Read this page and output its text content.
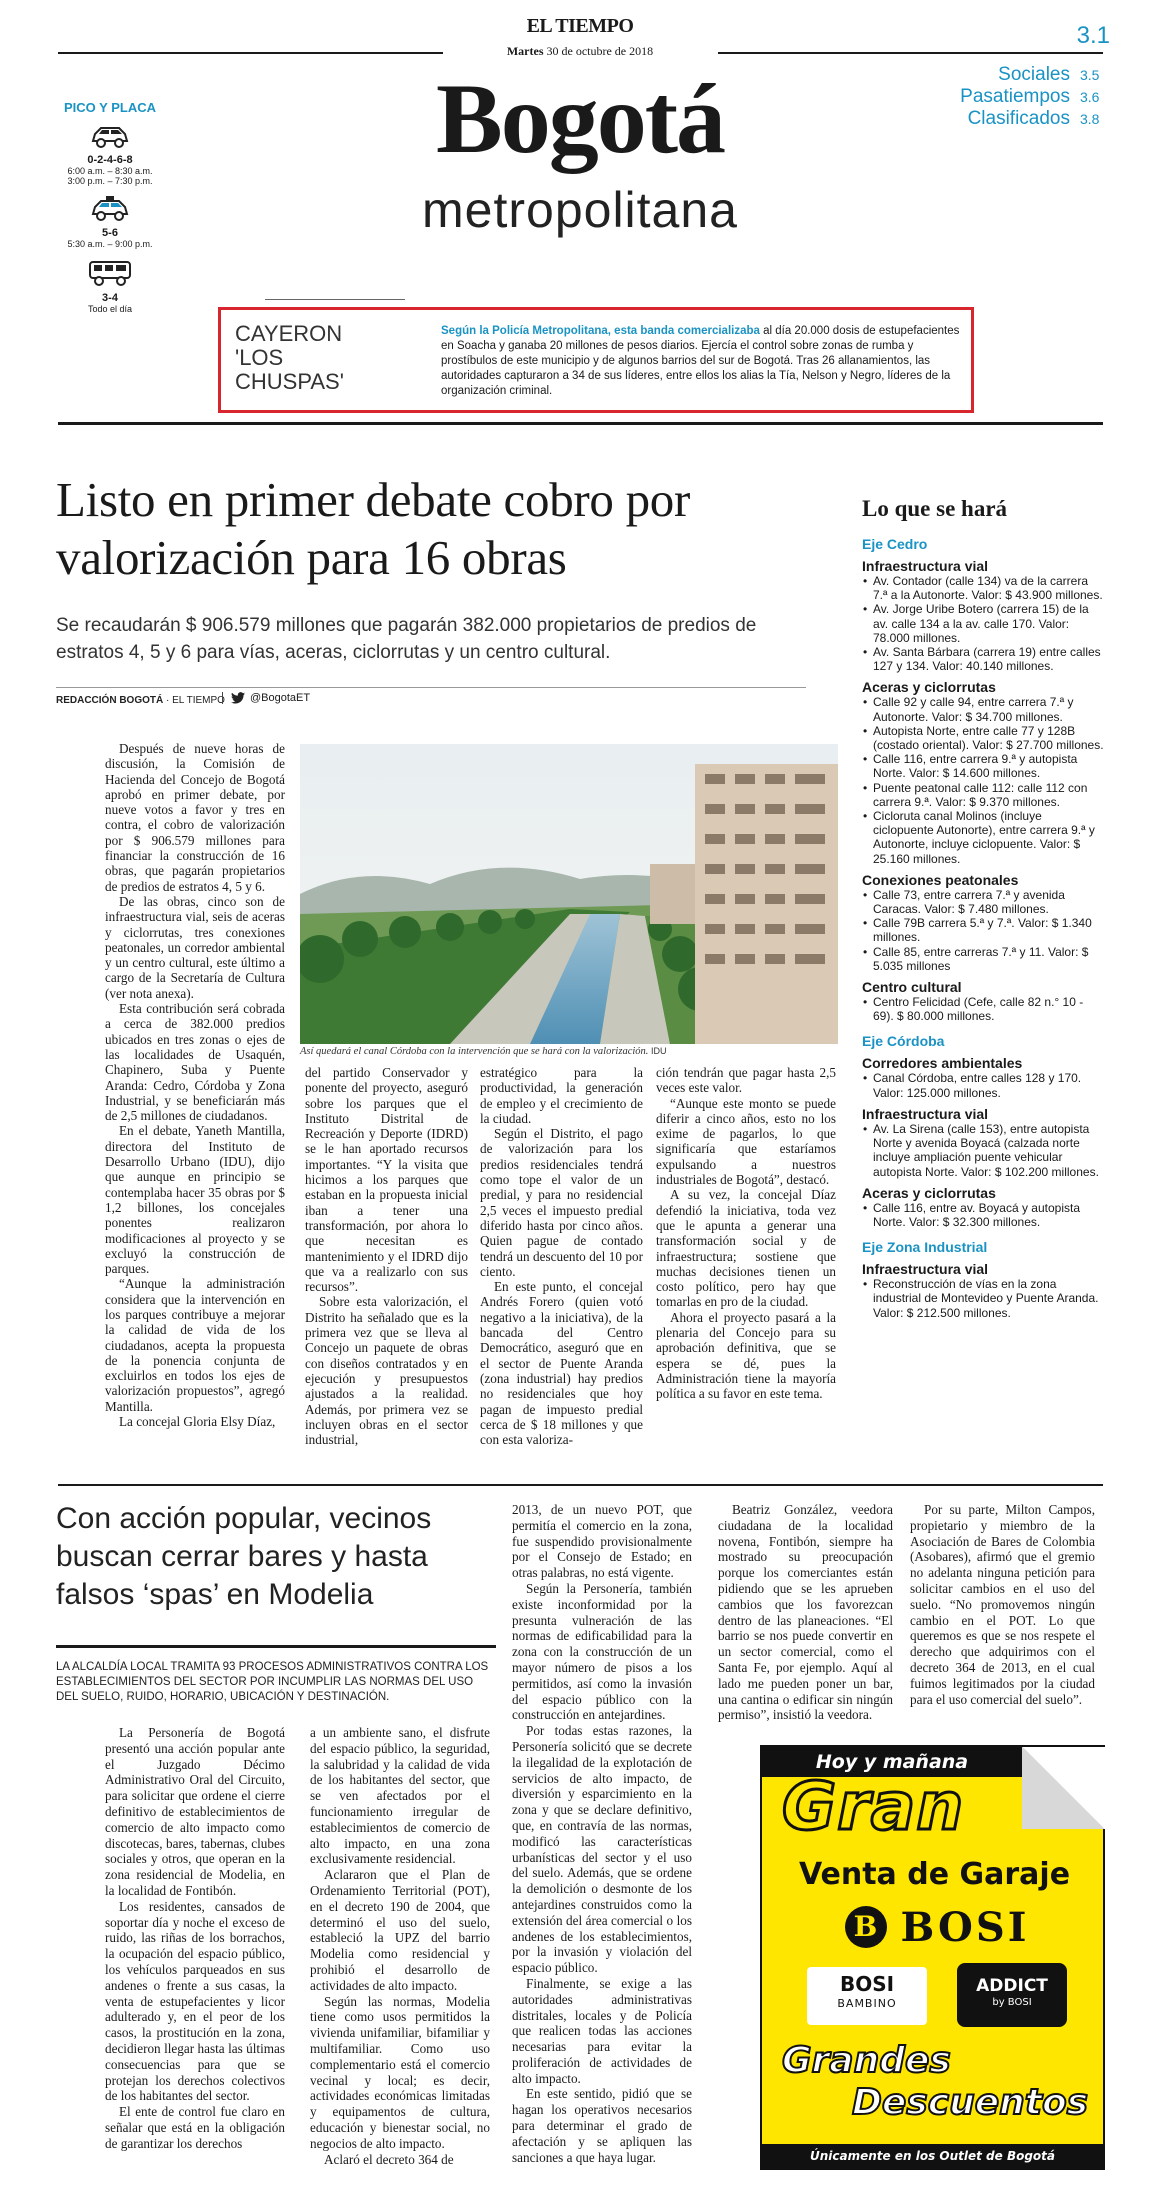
EL TIEMPO
Martes 30 de octubre de 2018
Bogotá
metropolitana
3.1
Sociales 3.5
Pasatiempos 3.6
Clasificados 3.8
PICO Y PLACA
0-2-4-6-8
6:00 a.m. – 8:30 a.m.
3:00 p.m. – 7:30 p.m.
5-6
5:30 a.m. – 9:00 p.m.
3-4
Todo el día
CAYERON
'LOS
CHUSPAS'
Según la Policía Metropolitana, esta banda comercializaba al día 20.000 dosis de estupefacientes en Soacha y ganaba 20 millones de pesos diarios. Ejercía el control sobre zonas de rumba y prostíbulos de este municipio y de algunos barrios del sur de Bogotá. Tras 26 allanamientos, las autoridades capturaron a 34 de sus líderes, entre ellos los alias la Tía, Nelson y Negro, líderes de la organización criminal.
Listo en primer debate cobro por valorización para 16 obras
Se recaudarán $ 906.579 millones que pagarán 382.000 propietarios de predios de estratos 4, 5 y 6 para vías, aceras, ciclorrutas y un centro cultural.
REDACCIÓN BOGOTÁ · EL TIEMPO @BogotaET
Así quedará el canal Córdoba con la intervención que se hará con la valorización. IDU

Después de nueve horas de discusión, la Comisión de Hacienda del Concejo de Bogotá aprobó en primer debate, por nueve votos a favor y tres en contra, el cobro de valorización por $ 906.579 millones para financiar la construcción de 16 obras, que pagarán propietarios de predios de estratos 4, 5 y 6.

De las obras, cinco son de infraestructura vial, seis de aceras y ciclorrutas, tres conexiones peatonales, un corredor ambiental y un centro cultural, este último a cargo de la Secretaría de Cultura (ver nota anexa).

Esta contribución será cobrada a cerca de 382.000 predios ubicados en tres zonas o ejes de las localidades de Usaquén, Chapinero, Suba y Puente Aranda: Cedro, Córdoba y Zona Industrial, y se beneficiarán más de 2,5 millones de ciudadanos.

En el debate, Yaneth Mantilla, directora del Instituto de Desarrollo Urbano (IDU), dijo que aunque en principio se contemplaba hacer 35 obras por $ 1,2 billones, los concejales ponentes realizaron modificaciones al proyecto y se excluyó la construcción de parques.

“Aunque la administración considera que la intervención en los parques contribuye a mejorar la calidad de vida de los ciudadanos, acepta la propuesta de la ponencia conjunta de excluirlos en todos los ejes de valorización propuestos”, agregó Mantilla.

La concejal Gloria Elsy Díaz,

del partido Conservador y ponente del proyecto, aseguró sobre los parques que el Instituto Distrital de Recreación y Deporte (IDRD) se le han aportado recursos importantes. “Y la visita que hicimos a los parques que estaban en la propuesta inicial iban a tener una transformación, por ahora lo que necesitan es mantenimiento y el IDRD dijo que va a realizarlo con sus recursos”.

Sobre esta valorización, el Distrito ha señalado que es la primera vez que se lleva al Concejo un paquete de obras con diseños contratados y en ejecución y presupuestos ajustados a la realidad. Además, por primera vez se incluyen obras en el sector industrial,

estratégico para la productividad, la generación de empleo y el crecimiento de la ciudad.

Según el Distrito, el pago de valorización para los predios residenciales tendrá como tope el valor de un predial, y para no residencial 2,5 veces el impuesto predial diferido hasta por cinco años. Quien pague de contado tendrá un descuento del 10 por ciento.

En este punto, el concejal Andrés Forero (quien votó negativo a la iniciativa), de la bancada del Centro Democrático, aseguró que en el sector de Puente Aranda (zona industrial) hay predios no residenciales que hoy pagan de impuesto predial cerca de $ 18 millones y que con esta valoriza-

ción tendrán que pagar hasta 2,5 veces este valor.

“Aunque este monto se puede diferir a cinco años, esto no los exime de pagarlos, lo que significaría que estaríamos expulsando a nuestros industriales de Bogotá”, destacó.

A su vez, la concejal Díaz defendió la iniciativa, toda vez que le apunta a generar una transformación social y de infraestructura; sostiene que muchas decisiones tienen un costo político, pero hay que tomarlas en pro de la ciudad.

Ahora el proyecto pasará a la plenaria del Concejo para su aprobación definitiva, que se espera se dé, pues la Administración tiene la mayoría política a su favor en este tema.

Lo que se hará
Eje Cedro
Infraestructura vial
• Av. Contador (calle 134) va de la carrera 7.ª a la Autonorte. Valor: $ 43.900 millones.
• Av. Jorge Uribe Botero (carrera 15) de la av. calle 134 a la av. calle 170. Valor: 78.000 millones.
• Av. Santa Bárbara (carrera 19) entre calles 127 y 134. Valor: 40.140 millones.
Aceras y ciclorrutas
• Calle 92 y calle 94, entre carrera 7.ª y Autonorte. Valor: $ 34.700 millones.
• Autopista Norte, entre calle 77 y 128B (costado oriental). Valor: $ 27.700 millones.
• Calle 116, entre carrera 9.ª y autopista Norte. Valor: $ 14.600 millones.
• Puente peatonal calle 112: calle 112 con carrera 9.ª. Valor: $ 9.370 millones.
• Cicloruta canal Molinos (incluye ciclopuente Autonorte), entre carrera 9.ª y Autonorte, incluye ciclopuente. Valor: $ 25.160 millones.
Conexiones peatonales
• Calle 73, entre carrera 7.ª y avenida Caracas. Valor: $ 7.480 millones.
• Calle 79B carrera 5.ª y 7.ª. Valor: $ 1.340 millones.
• Calle 85, entre carreras 7.ª y 11. Valor: $ 5.035 millones
Centro cultural
• Centro Felicidad (Cefe, calle 82 n.° 10 - 69). $ 80.000 millones.
Eje Córdoba
Corredores ambientales
• Canal Córdoba, entre calles 128 y 170. Valor: 125.000 millones.
Infraestructura vial
• Av. La Sirena (calle 153), entre autopista Norte y avenida Boyacá (calzada norte incluye ampliación puente vehicular autopista Norte. Valor: $ 102.200 millones.
Aceras y ciclorrutas
• Calle 116, entre av. Boyacá y autopista Norte. Valor: $ 32.300 millones.
Eje Zona Industrial
Infraestructura vial
• Reconstrucción de vías en la zona industrial de Montevideo y Puente Aranda. Valor: $ 212.500 millones.
Con acción popular, vecinos buscan cerrar bares y hasta falsos ‘spas’ en Modelia
LA ALCALDÍA LOCAL TRAMITA 93 PROCESOS ADMINISTRATIVOS CONTRA LOS ESTABLECIMIENTOS DEL SECTOR POR INCUMPLIR LAS NORMAS DEL USO DEL SUELO, RUIDO, HORARIO, UBICACIÓN Y DESTINACIÓN.

La Personería de Bogotá presentó una acción popular ante el Juzgado Décimo Administrativo Oral del Circuito, para solicitar que ordene el cierre definitivo de establecimientos de comercio de alto impacto como discotecas, bares, tabernas, clubes sociales y otros, que operan en la zona residencial de Modelia, en la localidad de Fontibón.

Los residentes, cansados de soportar día y noche el exceso de ruido, las riñas de los borrachos, la ocupación del espacio público, los vehículos parqueados en sus andenes o frente a sus casas, la venta de estupefacientes y licor adulterado y, en el peor de los casos, la prostitución en la zona, decidieron llegar hasta las últimas consecuencias para que se protejan los derechos colectivos de los habitantes del sector.

El ente de control fue claro en señalar que está en la obligación de garantizar los derechos

a un ambiente sano, el disfrute del espacio público, la seguridad, la salubridad y la calidad de vida de los habitantes del sector, que se ven afectados por el funcionamiento irregular de establecimientos de comercio de alto impacto, en una zona exclusivamente residencial.

Aclararon que el Plan de Ordenamiento Territorial (POT), en el decreto 190 de 2004, que determinó el uso del suelo, estableció la UPZ del barrio Modelia como residencial y prohibió el desarrollo de actividades de alto impacto.

Según las normas, Modelia tiene como usos permitidos la vivienda unifamiliar, bifamiliar y multifamiliar. Como uso complementario está el comercio vecinal y local; es decir, actividades económicas limitadas y equipamentos de cultura, educación y bienestar social, no negocios de alto impacto.

Aclaró el decreto 364 de

2013, de un nuevo POT, que permitía el comercio en la zona, fue suspendido provisionalmente por el Consejo de Estado; en otras palabras, no está vigente.

Según la Personería, también existe inconformidad por la presunta vulneración de las normas de edificabilidad para la zona con la construcción de un mayor número de pisos a los permitidos, así como la invasión del espacio público con la construcción en antejardines.

Por todas estas razones, la Personería solicitó que se decrete la ilegalidad de la explotación de servicios de alto impacto, de diversión y esparcimiento en la zona y que se declare definitivo, que, en contravía de las normas, modificó las características urbanísticas del sector y el uso del suelo. Además, que se ordene la demolición o desmonte de los antejardines construidos como la extensión del área comercial o los andenes de los establecimientos, por la invasión y violación del espacio público.

Finalmente, se exige a las autoridades administrativas distritales, locales y de Policía que realicen todas las acciones necesarias para evitar la proliferación de actividades de alto impacto.

En este sentido, pidió que se hagan los operativos necesarios para determinar el grado de afectación y se apliquen las sanciones a que haya lugar.

Beatriz González, veedora ciudadana de la localidad novena, Fontibón, siempre ha mostrado su preocupación porque los comerciantes están pidiendo que se les aprueben cambios que los favorezcan dentro de las planeaciones. “El barrio se nos puede convertir en un sector comercial, como el Santa Fe, por ejemplo. Aquí al lado me pueden poner un bar, una cantina o edificar sin ningún permiso”, insistió la veedora.

Por su parte, Milton Campos, propietario y miembro de la Asociación de Bares de Colombia (Asobares), afirmó que el gremio no adelanta ninguna petición para solicitar cambios en el uso del suelo. “No promovemos ningún cambio en el POT. Lo que queremos es que se nos respete el derecho que adquirimos con el decreto 364 de 2013, en el cual fuimos legitimados por la ciudad para el uso comercial del suelo”.

Hoy y mañana
Gran
Venta de Garaje
B BOSI
BOSI
BAMBINO
ADDICT
by BOSI
Grandes
Descuentos
Únicamente en los Outlet de Bogotá
